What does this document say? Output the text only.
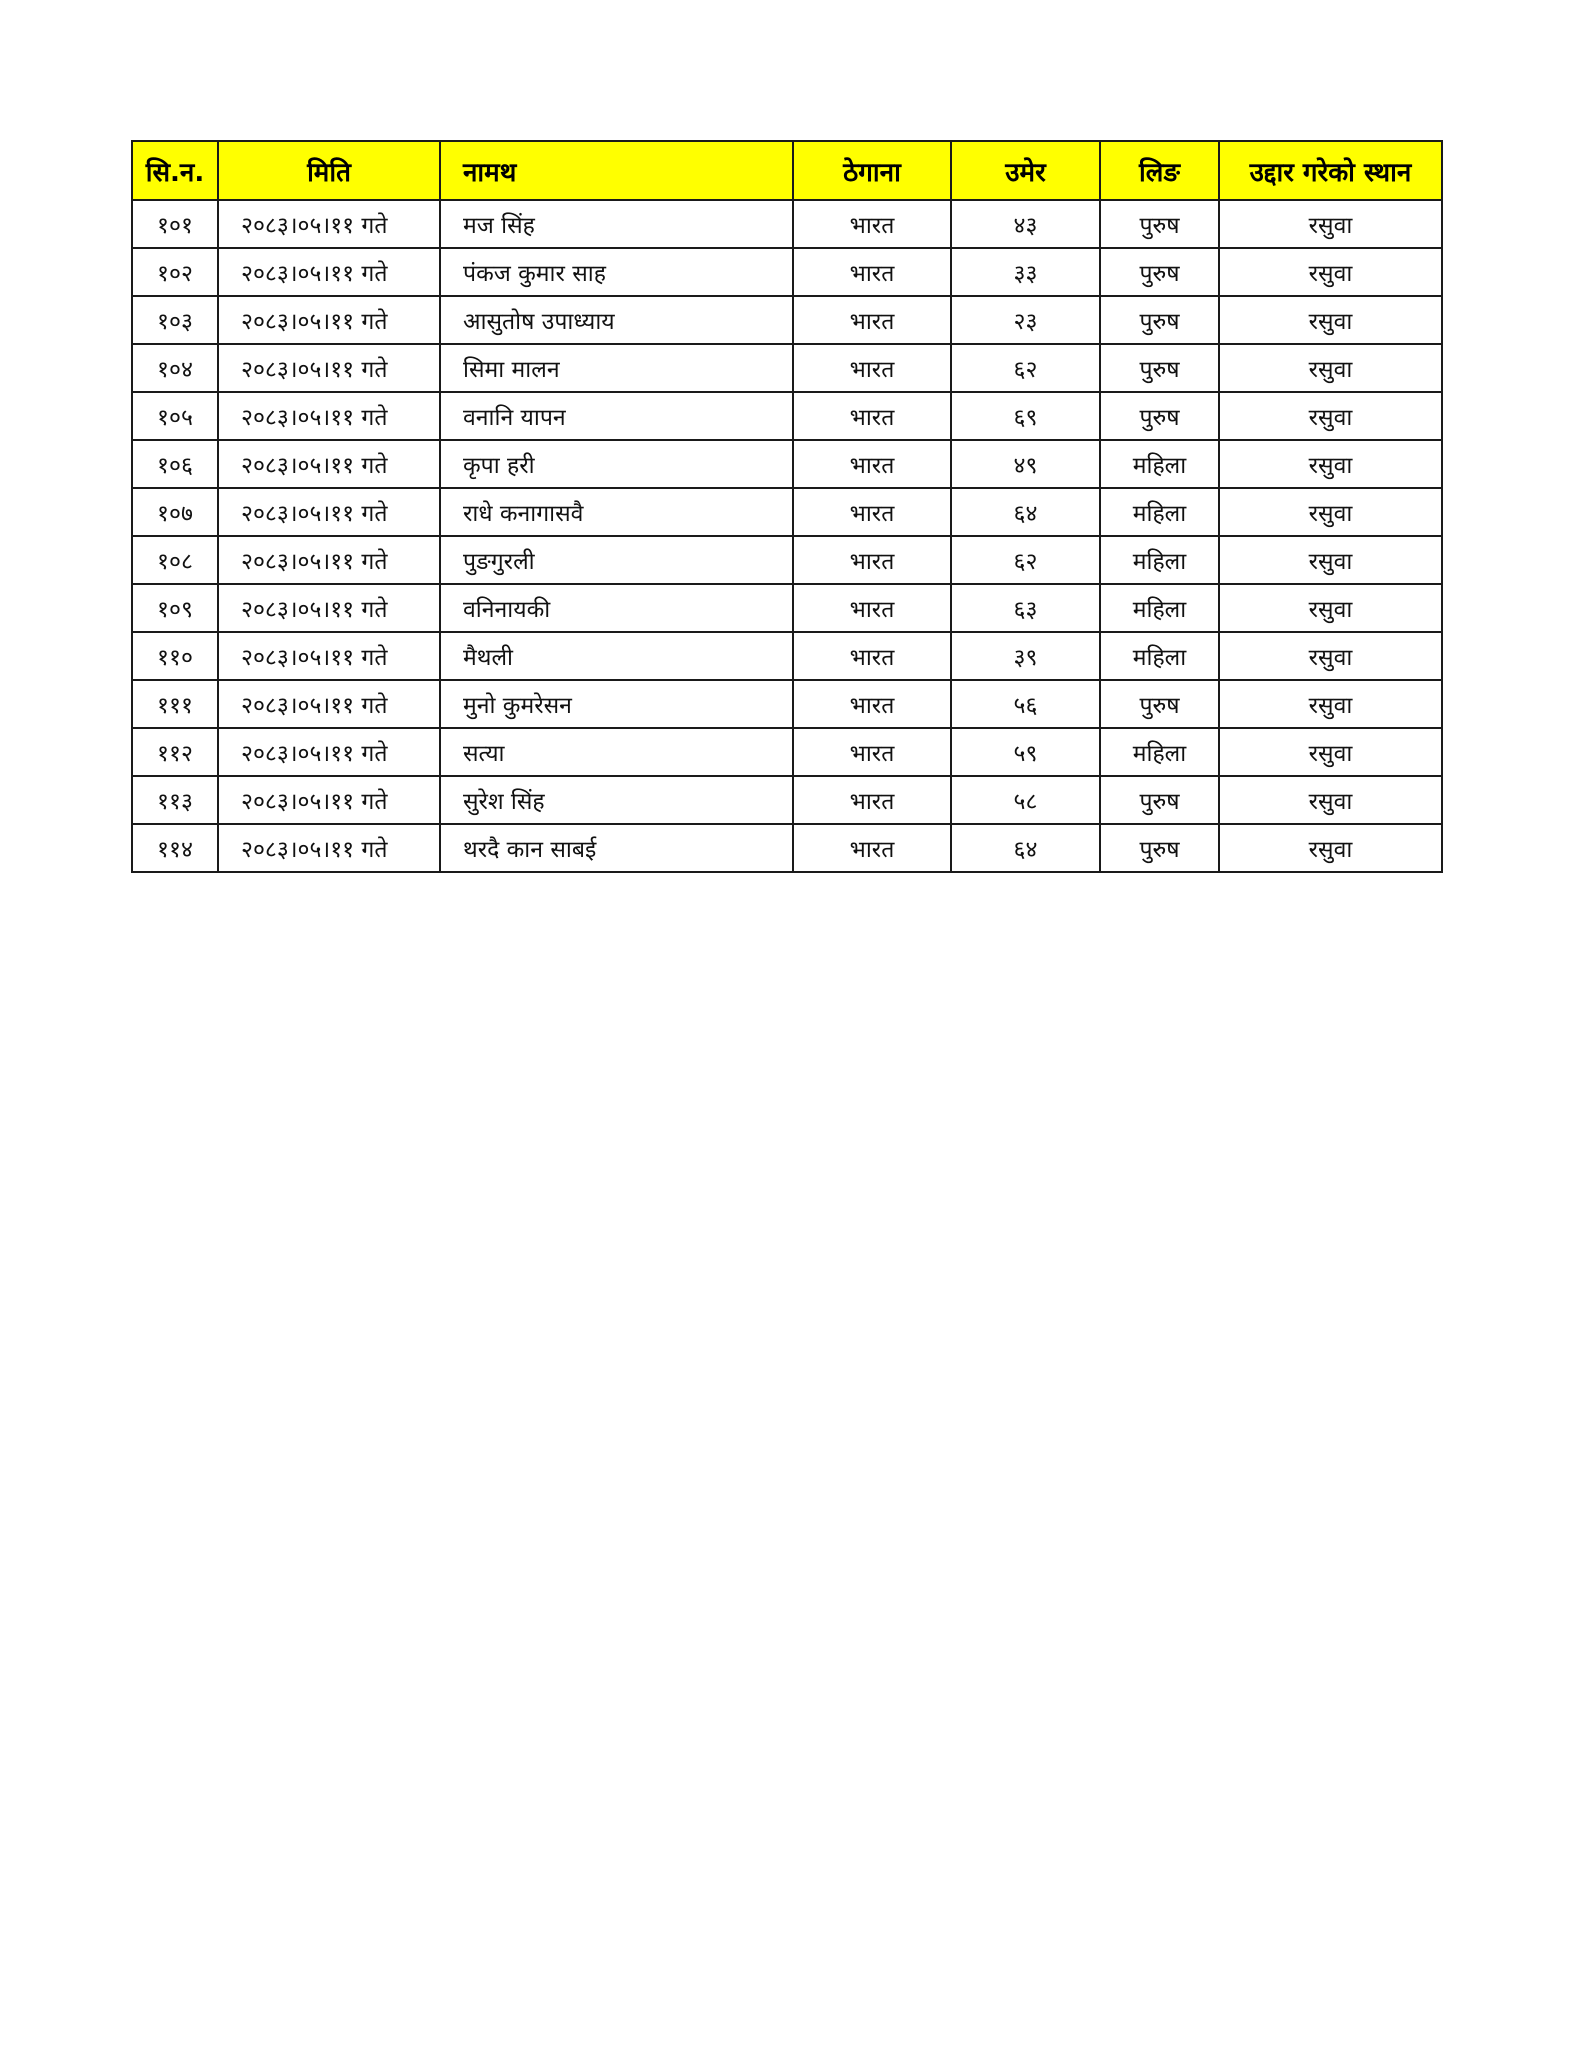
सि.न.	मिति	नामथ	ठेगाना	उमेर	लिङ	उद्दार गरेको स्थान
१०१	२०८३।०५।११ गते	मज सिंह	भारत	४३	पुरुष	रसुवा
१०२	२०८३।०५।११ गते	पंकज कुमार साह	भारत	३३	पुरुष	रसुवा
१०३	२०८३।०५।११ गते	आसुतोष उपाध्याय	भारत	२३	पुरुष	रसुवा
१०४	२०८३।०५।११ गते	सिमा मालन	भारत	६२	पुरुष	रसुवा
१०५	२०८३।०५।११ गते	वनानि यापन	भारत	६९	पुरुष	रसुवा
१०६	२०८३।०५।११ गते	कृपा हरी	भारत	४९	महिला	रसुवा
१०७	२०८३।०५।११ गते	राधे कनागासवै	भारत	६४	महिला	रसुवा
१०८	२०८३।०५।११ गते	पुङगुरली	भारत	६२	महिला	रसुवा
१०९	२०८३।०५।११ गते	वनिनायकी	भारत	६३	महिला	रसुवा
११०	२०८३।०५।११ गते	मैथली	भारत	३९	महिला	रसुवा
१११	२०८३।०५।११ गते	मुनो कुमरेसन	भारत	५६	पुरुष	रसुवा
११२	२०८३।०५।११ गते	सत्या	भारत	५९	महिला	रसुवा
११३	२०८३।०५।११ गते	सुरेश सिंह	भारत	५८	पुरुष	रसुवा
११४	२०८३।०५।११ गते	थरदै कान साबई	भारत	६४	पुरुष	रसुवा
